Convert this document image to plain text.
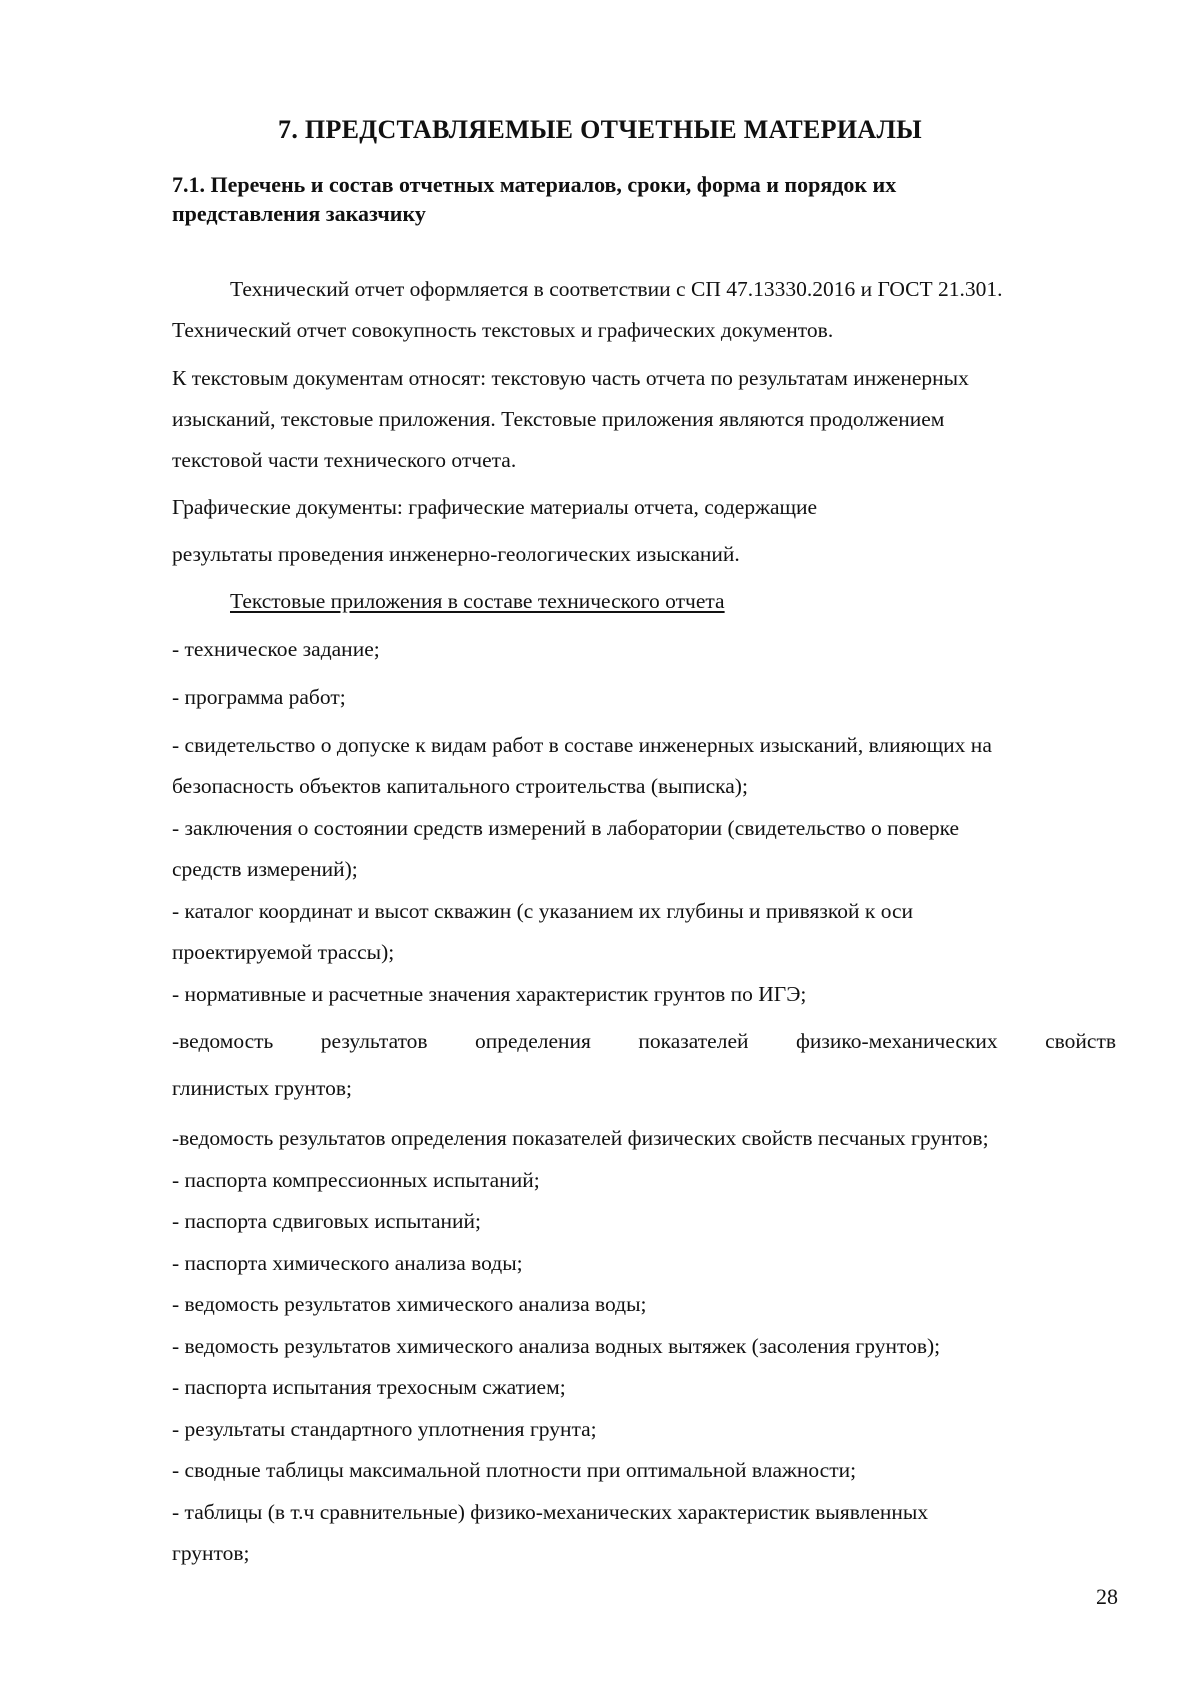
7. ПРЕДСТАВЛЯЕМЫЕ ОТЧЕТНЫЕ МАТЕРИАЛЫ
7.1. Перечень и состав отчетных материалов, сроки, форма и порядок их
представления заказчику
Технический отчет оформляется в соответствии с СП 47.13330.2016 и ГОСТ 21.301.
Технический отчет совокупность текстовых и графических документов.
К текстовым документам относят: текстовую часть отчета по результатам инженерных
изысканий, текстовые приложения. Текстовые приложения являются продолжением
текстовой части технического отчета.
Графические документы: графические материалы отчета, содержащие
результаты проведения инженерно-геологических изысканий.
Текстовые приложения в составе технического отчета
- техническое задание;
- программа работ;
- свидетельство о допуске к видам работ в составе инженерных изысканий, влияющих на
безопасность объектов капитального строительства (выписка);
- заключения о состоянии средств измерений в лаборатории (свидетельство о поверке
средств измерений);
- каталог координат и высот скважин (с указанием их глубины и привязкой к оси
проектируемой трассы);
- нормативные и расчетные значения характеристик грунтов по ИГЭ;
-ведомость результатов определения показателей физико-механических свойств
глинистых грунтов;
-ведомость результатов определения показателей физических свойств песчаных грунтов;
- паспорта компрессионных испытаний;
- паспорта сдвиговых испытаний;
- паспорта химического анализа воды;
- ведомость результатов химического анализа воды;
- ведомость результатов химического анализа водных вытяжек (засоления грунтов);
- паспорта испытания трехосным сжатием;
- результаты стандартного уплотнения грунта;
- сводные таблицы максимальной плотности при оптимальной влажности;
- таблицы (в т.ч сравнительные) физико-механических характеристик выявленных
грунтов;
28
